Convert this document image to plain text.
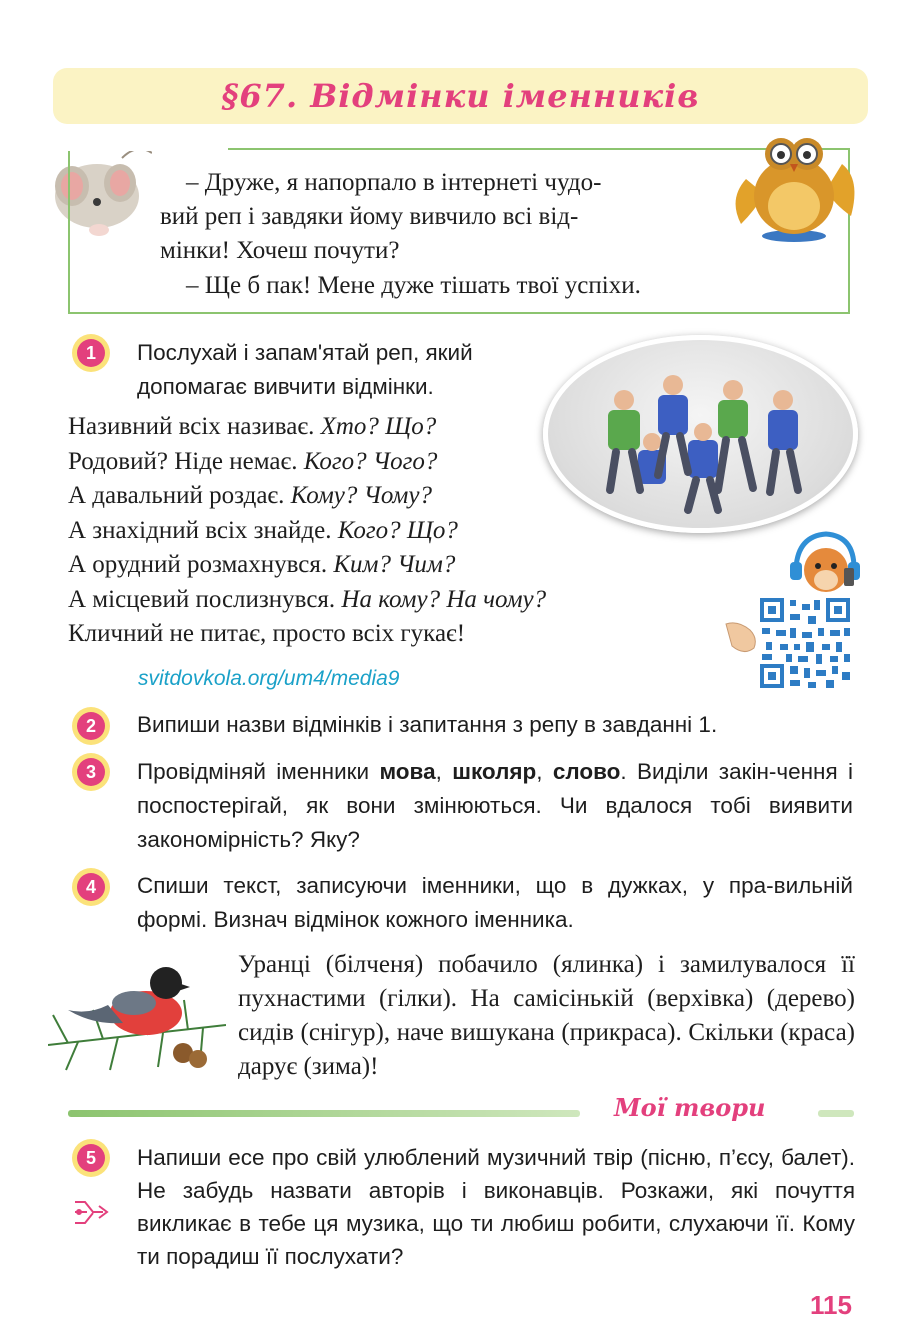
§67. Відмінки іменників
– Друже, я напорпало в інтернеті чудо-
вий реп і завдяки йому вивчило всі від-
мінки! Хочеш почути?
– Ще б пак! Мене дуже тішать твої успіхи.
1	Послухай і запам'ятай реп, який
допомагає вивчити відмінки.
Називний всіх називає. Хто? Що?
Родовий? Ніде немає. Кого? Чого?
А давальний роздає. Кому? Чому?
А знахідний всіх знайде. Кого? Що?
А орудний розмахнувся. Ким? Чим?
А місцевий послизнувся. На кому? На чому?
Кличний не питає, просто всіх гукає!
svitdovkola.org/um4/media9
2	Випиши назви відмінків і запитання з репу в завданні 1.
3	Провідміняй іменники мова, школяр, слово. Виділи закін-чення і поспостерігай, як вони змінюються. Чи вдалося тобі виявити закономірність? Яку?
4	Спиши текст, записуючи іменники, що в дужках, у пра-вильній формі. Визнач відмінок кожного іменника.
Уранці (білченя) побачило (ялинка) і замилувалося її пухнастими (гілки). На самісінькій (верхівка) (дерево) сидів (снігур), наче вишукана (прикраса). Скільки (краса) дарує (зима)!
Мої твори
5	Напиши есе про свій улюблений музичний твір (пісню, п’єсу, балет). Не забудь назвати авторів і виконавців. Розкажи, які почуття викликає в тебе ця музика, що ти любиш робити, слухаючи її. Кому ти порадиш її послухати?
115
